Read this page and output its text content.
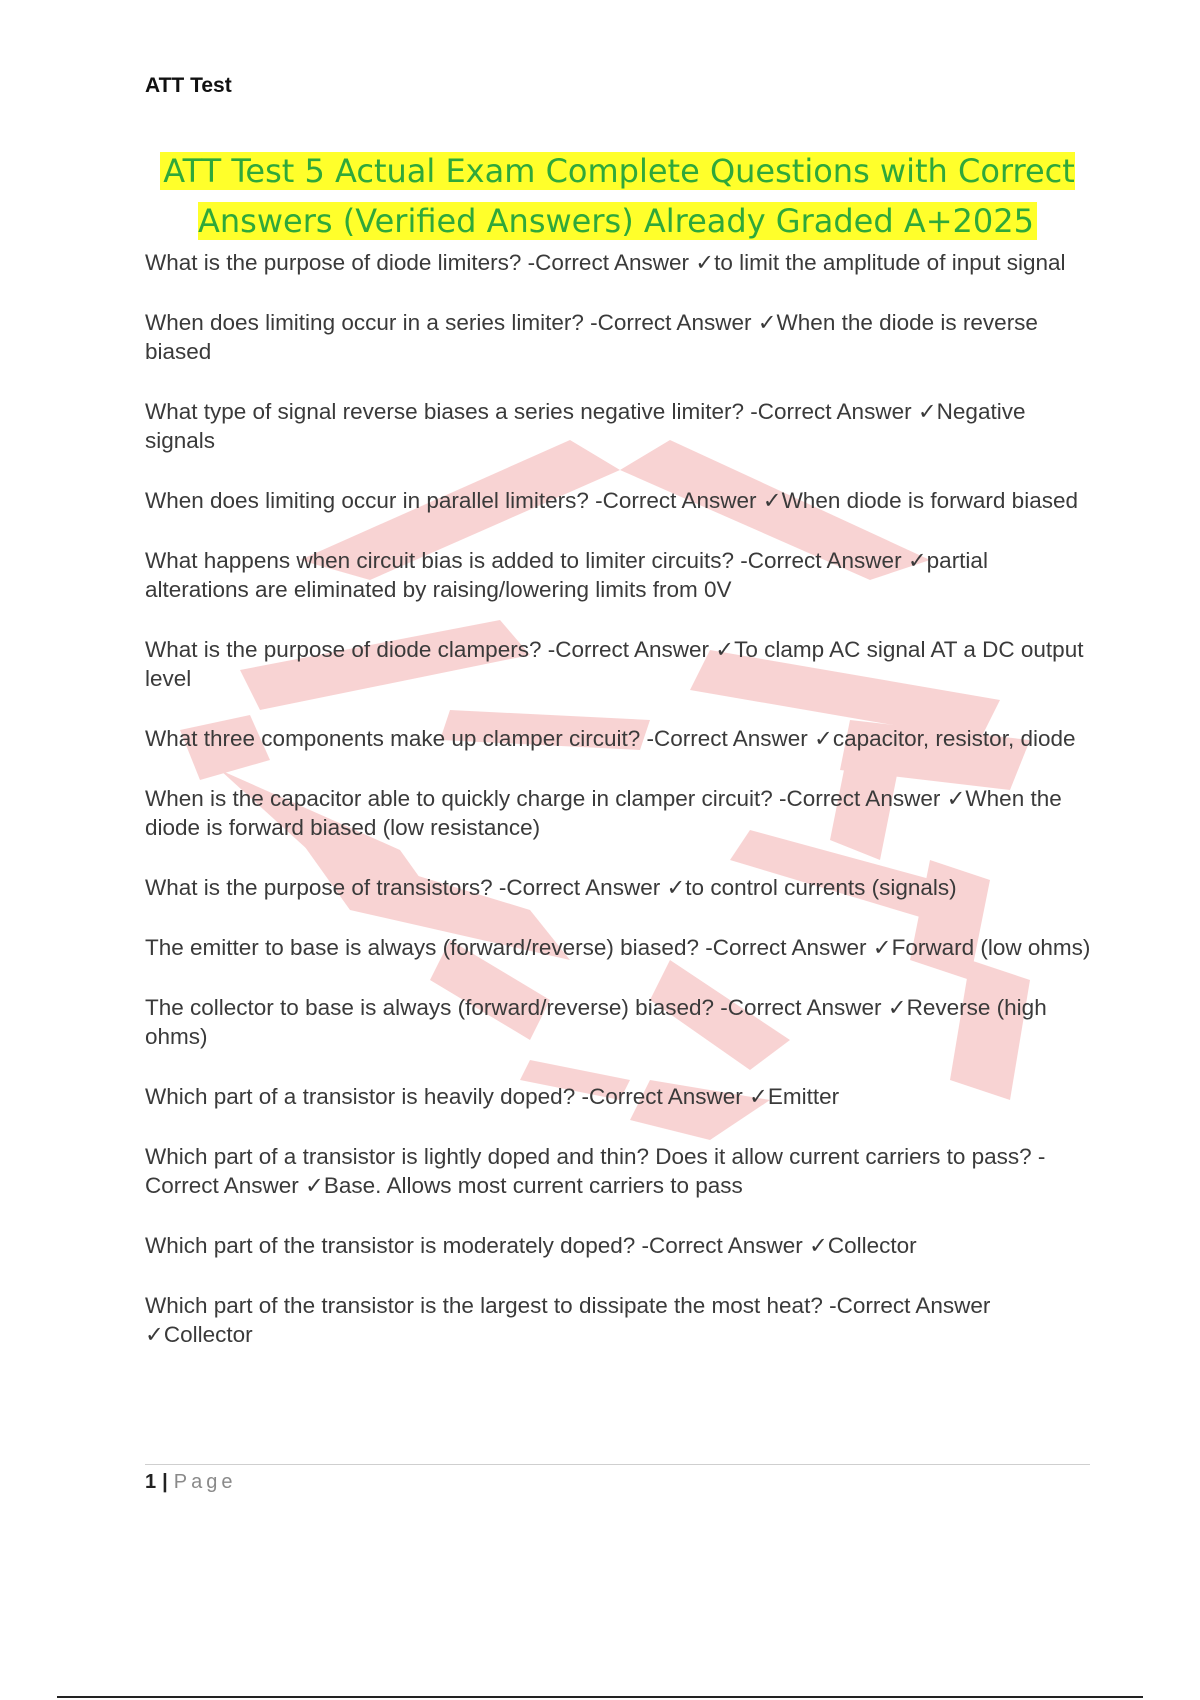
ATT Test
ATT Test 5 Actual Exam Complete Questions with Correct Answers (Verified Answers) Already Graded A+2025

What is the purpose of diode limiters? -Correct Answer ✓to limit the amplitude of input signal

When does limiting occur in a series limiter? -Correct Answer ✓When the diode is reverse biased

What type of signal reverse biases a series negative limiter? -Correct Answer ✓Negative signals

When does limiting occur in parallel limiters? -Correct Answer ✓When diode is forward biased

What happens when circuit bias is added to limiter circuits? -Correct Answer ✓partial alterations are eliminated by raising/lowering limits from 0V

What is the purpose of diode clampers? -Correct Answer ✓To clamp AC signal AT a DC output level

What three components make up clamper circuit? -Correct Answer ✓capacitor, resistor, diode

When is the capacitor able to quickly charge in clamper circuit? -Correct Answer ✓When the diode is forward biased (low resistance)

What is the purpose of transistors? -Correct Answer ✓to control currents (signals)

The emitter to base is always (forward/reverse) biased? -Correct Answer ✓Forward (low ohms)

The collector to base is always (forward/reverse) biased? -Correct Answer ✓Reverse (high ohms)

Which part of a transistor is heavily doped? -Correct Answer ✓Emitter

Which part of a transistor is lightly doped and thin? Does it allow current carriers to pass? -Correct Answer ✓Base. Allows most current carriers to pass

Which part of the transistor is moderately doped? -Correct Answer ✓Collector

Which part of the transistor is the largest to dissipate the most heat? -Correct Answer ✓Collector

1 | Page
